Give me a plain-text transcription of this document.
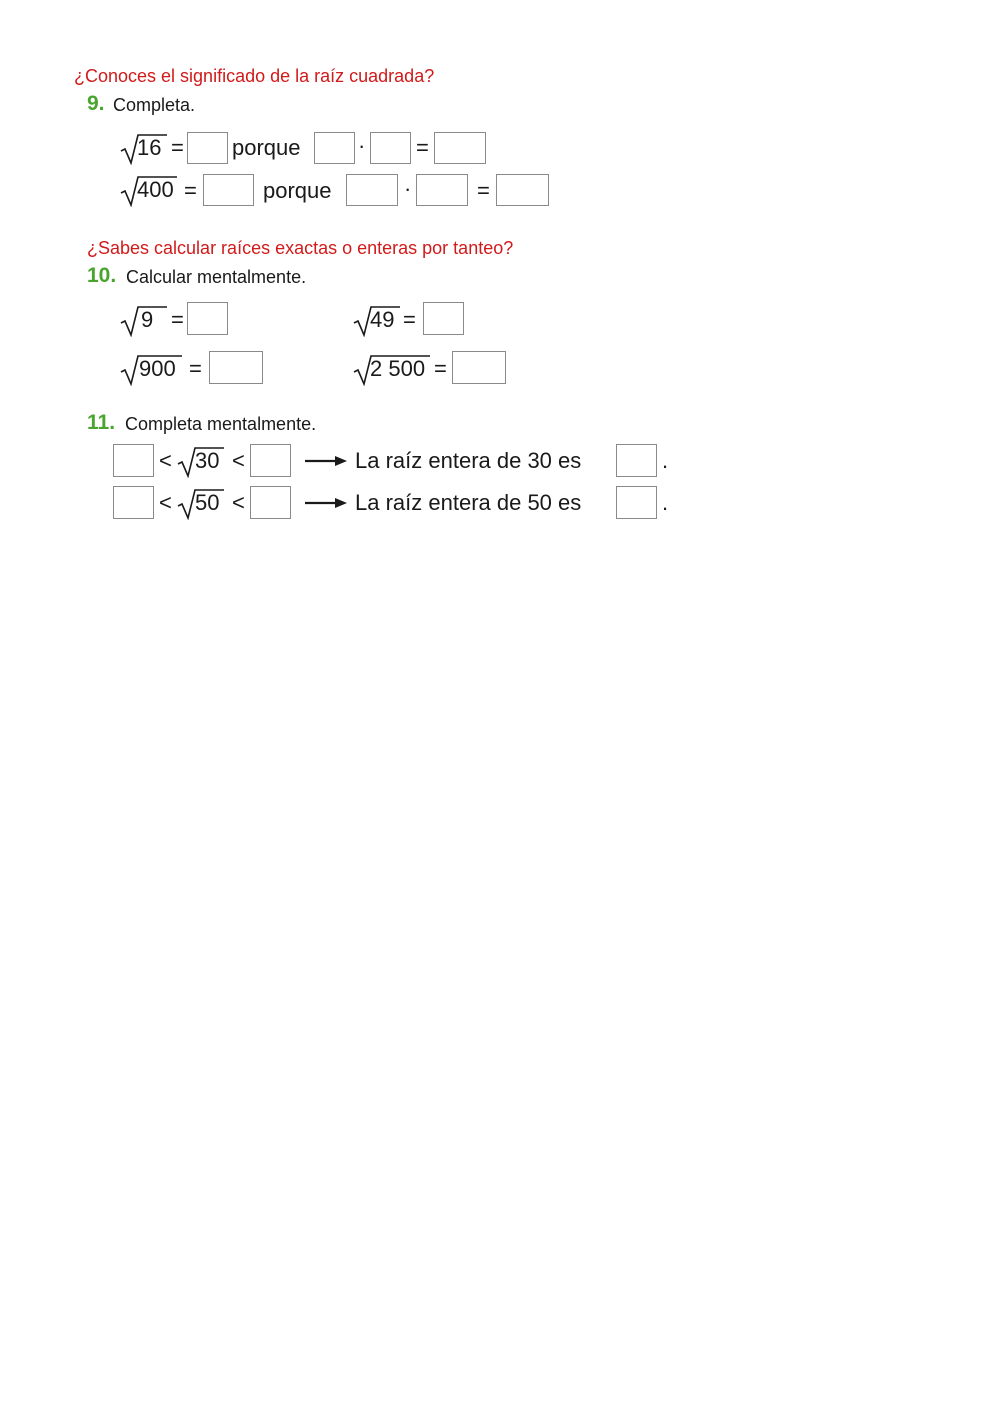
¿Conoces el significado de la raíz cuadrada?
9. Completa.
16 = porque	· =
400 =	porque	·	=
¿Sabes calcular raíces exactas o enteras por tanteo?
10. Calcular mentalmente.
9 =	49 =
900 =	2 500 =
11. Completa mentalmente.
< 30 <	La raíz entera de 30 es	.
< 50 <	La raíz entera de 50 es	.
